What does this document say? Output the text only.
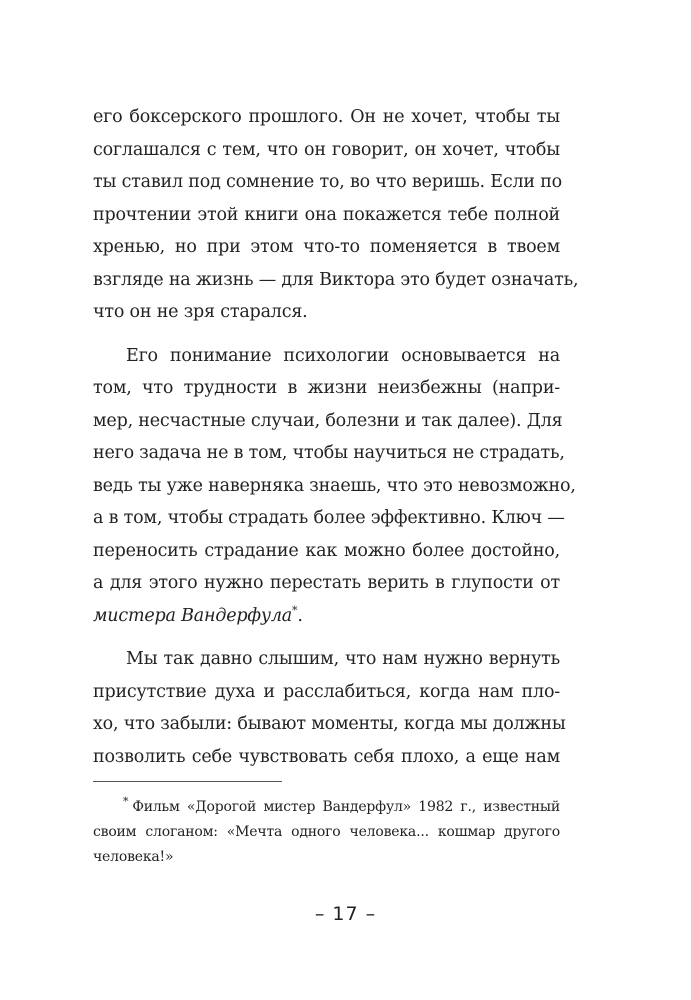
его боксерского прошлого. Он не хочет, чтобы ты
соглашался с тем, что он говорит, он хочет, чтобы
ты ставил под сомнение то, во что веришь. Если по
прочтении этой книги она покажется тебе полной
хренью, но при этом что-то поменяется в твоем
взгляде на жизнь — для Виктора это будет означать,
что он не зря старался.
Его понимание психологии основывается на
том, что трудности в жизни неизбежны (напри-
мер, несчастные случаи, болезни и так далее). Для
него задача не в том, чтобы научиться не страдать,
ведь ты уже наверняка знаешь, что это невозможно,
а в том, чтобы страдать более эффективно. Ключ —
переносить страдание как можно более достойно,
а для этого нужно перестать верить в глупости от
мистера Вандерфула*.
Мы так давно слышим, что нам нужно вернуть
присутствие духа и расслабиться, когда нам пло-
хо, что забыли: бывают моменты, когда мы должны
позволить себе чувствовать себя плохо, а еще нам
* Фильм «Дорогой мистер Вандерфул» 1982 г., известный
своим слоганом: «Мечта одного человека... кошмар другого
человека!»
– 17 –
